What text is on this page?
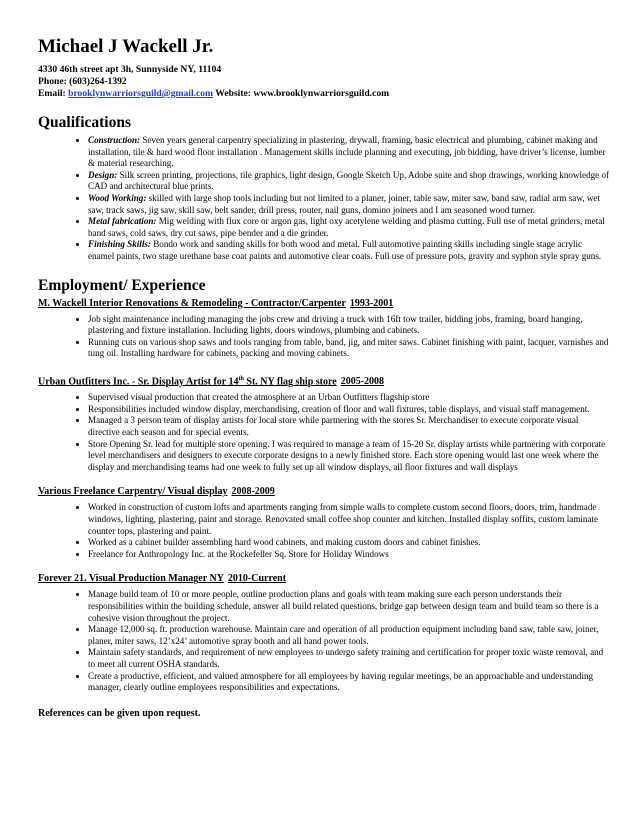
Michael J Wackell Jr.
4330 46th street apt 3h, Sunnyside NY, 11104
Phone: (603)264-1392
Email: brooklynwarriorsguild@gmail.com Website: www.brooklynwarriorsguild.com
Qualifications
• Construction: Seven years general carpentry specializing in plastering, drywall, framing, basic electrical and plumbing, cabinet making and installation, tile & hard wood floor installation . Management skills include planning and executing, job bidding, have driver’s license, lumber & material researching.
• Design: Silk screen printing, projections, tile graphics, light design, Google Sketch Up, Adobe suite and shop drawings, working knowledge of CAD and architectural blue prints.
• Wood Working: skilled with large shop tools including but not limited to a planer, joiner, table saw, miter saw, band saw, radial arm saw, wet saw, track saws, jig saw, skill saw, belt sander, drill press, router, nail guns, domino joiners and I am seasoned wood turner.
• Metal fabrication: Mig welding with flux core or argon gas, light oxy acetylene welding and plasma cutting. Full use of metal grinders, metal band saws, cold saws, dry cut saws, pipe bender and a die grinder.
• Finishing Skills: Bondo work and sanding skills for both wood and metal. Full automotive painting skills including single stage acrylic enamel paints, two stage urethane base coat paints and automotive clear coats. Full use of pressure pots, gravity and syphon style spray guns.
Employment/ Experience
M. Wackell Interior Renovations & Remodeling - Contractor/Carpenter 1993-2001
• Job sight maintenance including managing the jobs crew and driving a truck with 16ft tow trailer, bidding jobs, framing, board hanging, plastering and fixture installation. Including lights, doors windows, plumbing and cabinets.
• Running cuts on various shop saws and tools ranging from table, band, jig, and miter saws. Cabinet finishing with paint, lacquer, varnishes and tung oil. Installing hardware for cabinets, packing and moving cabinets.
Urban Outfitters Inc. - Sr. Display Artist for 14th St. NY flag ship store 2005-2008
• Supervised visual production that created the atmosphere at an Urban Outfitters flagship store
• Responsibilities included window display, merchandising, creation of floor and wall fixtures, table displays, and visual staff management.
• Managed a 3 person team of display artists for local store while partnering with the stores Sr. Merchandiser to execute corporate visual directive each season and for special events.
• Store Opening Sr. lead for multiple store opening. I was required to manage a team of 15-20 Sr. display artists while partnering with corporate level merchandisers and designers to execute corporate designs to a newly finished store. Each store opening would last one week where the display and merchandising teams had one week to fully set up all window displays, all floor fixtures and wall displays
Various Freelance Carpentry/ Visual display 2008-2009
• Worked in construction of custom lofts and apartments ranging from simple walls to complete custom second floors, doors, trim, handmade windows, lighting, plastering, paint and storage. Renovated small coffee shop counter and kitchen. Installed display soffits, custom laminate counter tops, plastering and paint.
• Worked as a cabinet builder assembling hard wood cabinets, and making custom doors and cabinet finishes.
• Freelance for Anthropology Inc. at the Rockefeller Sq. Store for Holiday Windows
Forever 21. Visual Production Manager NY 2010-Current
• Manage build team of 10 or more people, outline production plans and goals with team making sure each person understands their responsibilities within the building schedule, answer all build related questions, bridge gap between design team and build team so there is a cohesive vision throughout the project.
• Manage 12,000 sq. ft. production warehouse. Maintain care and operation of all production equipment including band saw, table saw, joiner, planer, miter saws, 12’x24’ automotive spray booth and all hand power tools.
• Maintain safety standards, and requirement of new employees to undergo safety training and certification for proper toxic waste removal, and to meet all current OSHA standards.
• Create a productive, efficient, and valued atmosphere for all employees by having regular meetings, be an approachable and understanding manager, clearly outline employees responsibilities and expectations.
References can be given upon request.
